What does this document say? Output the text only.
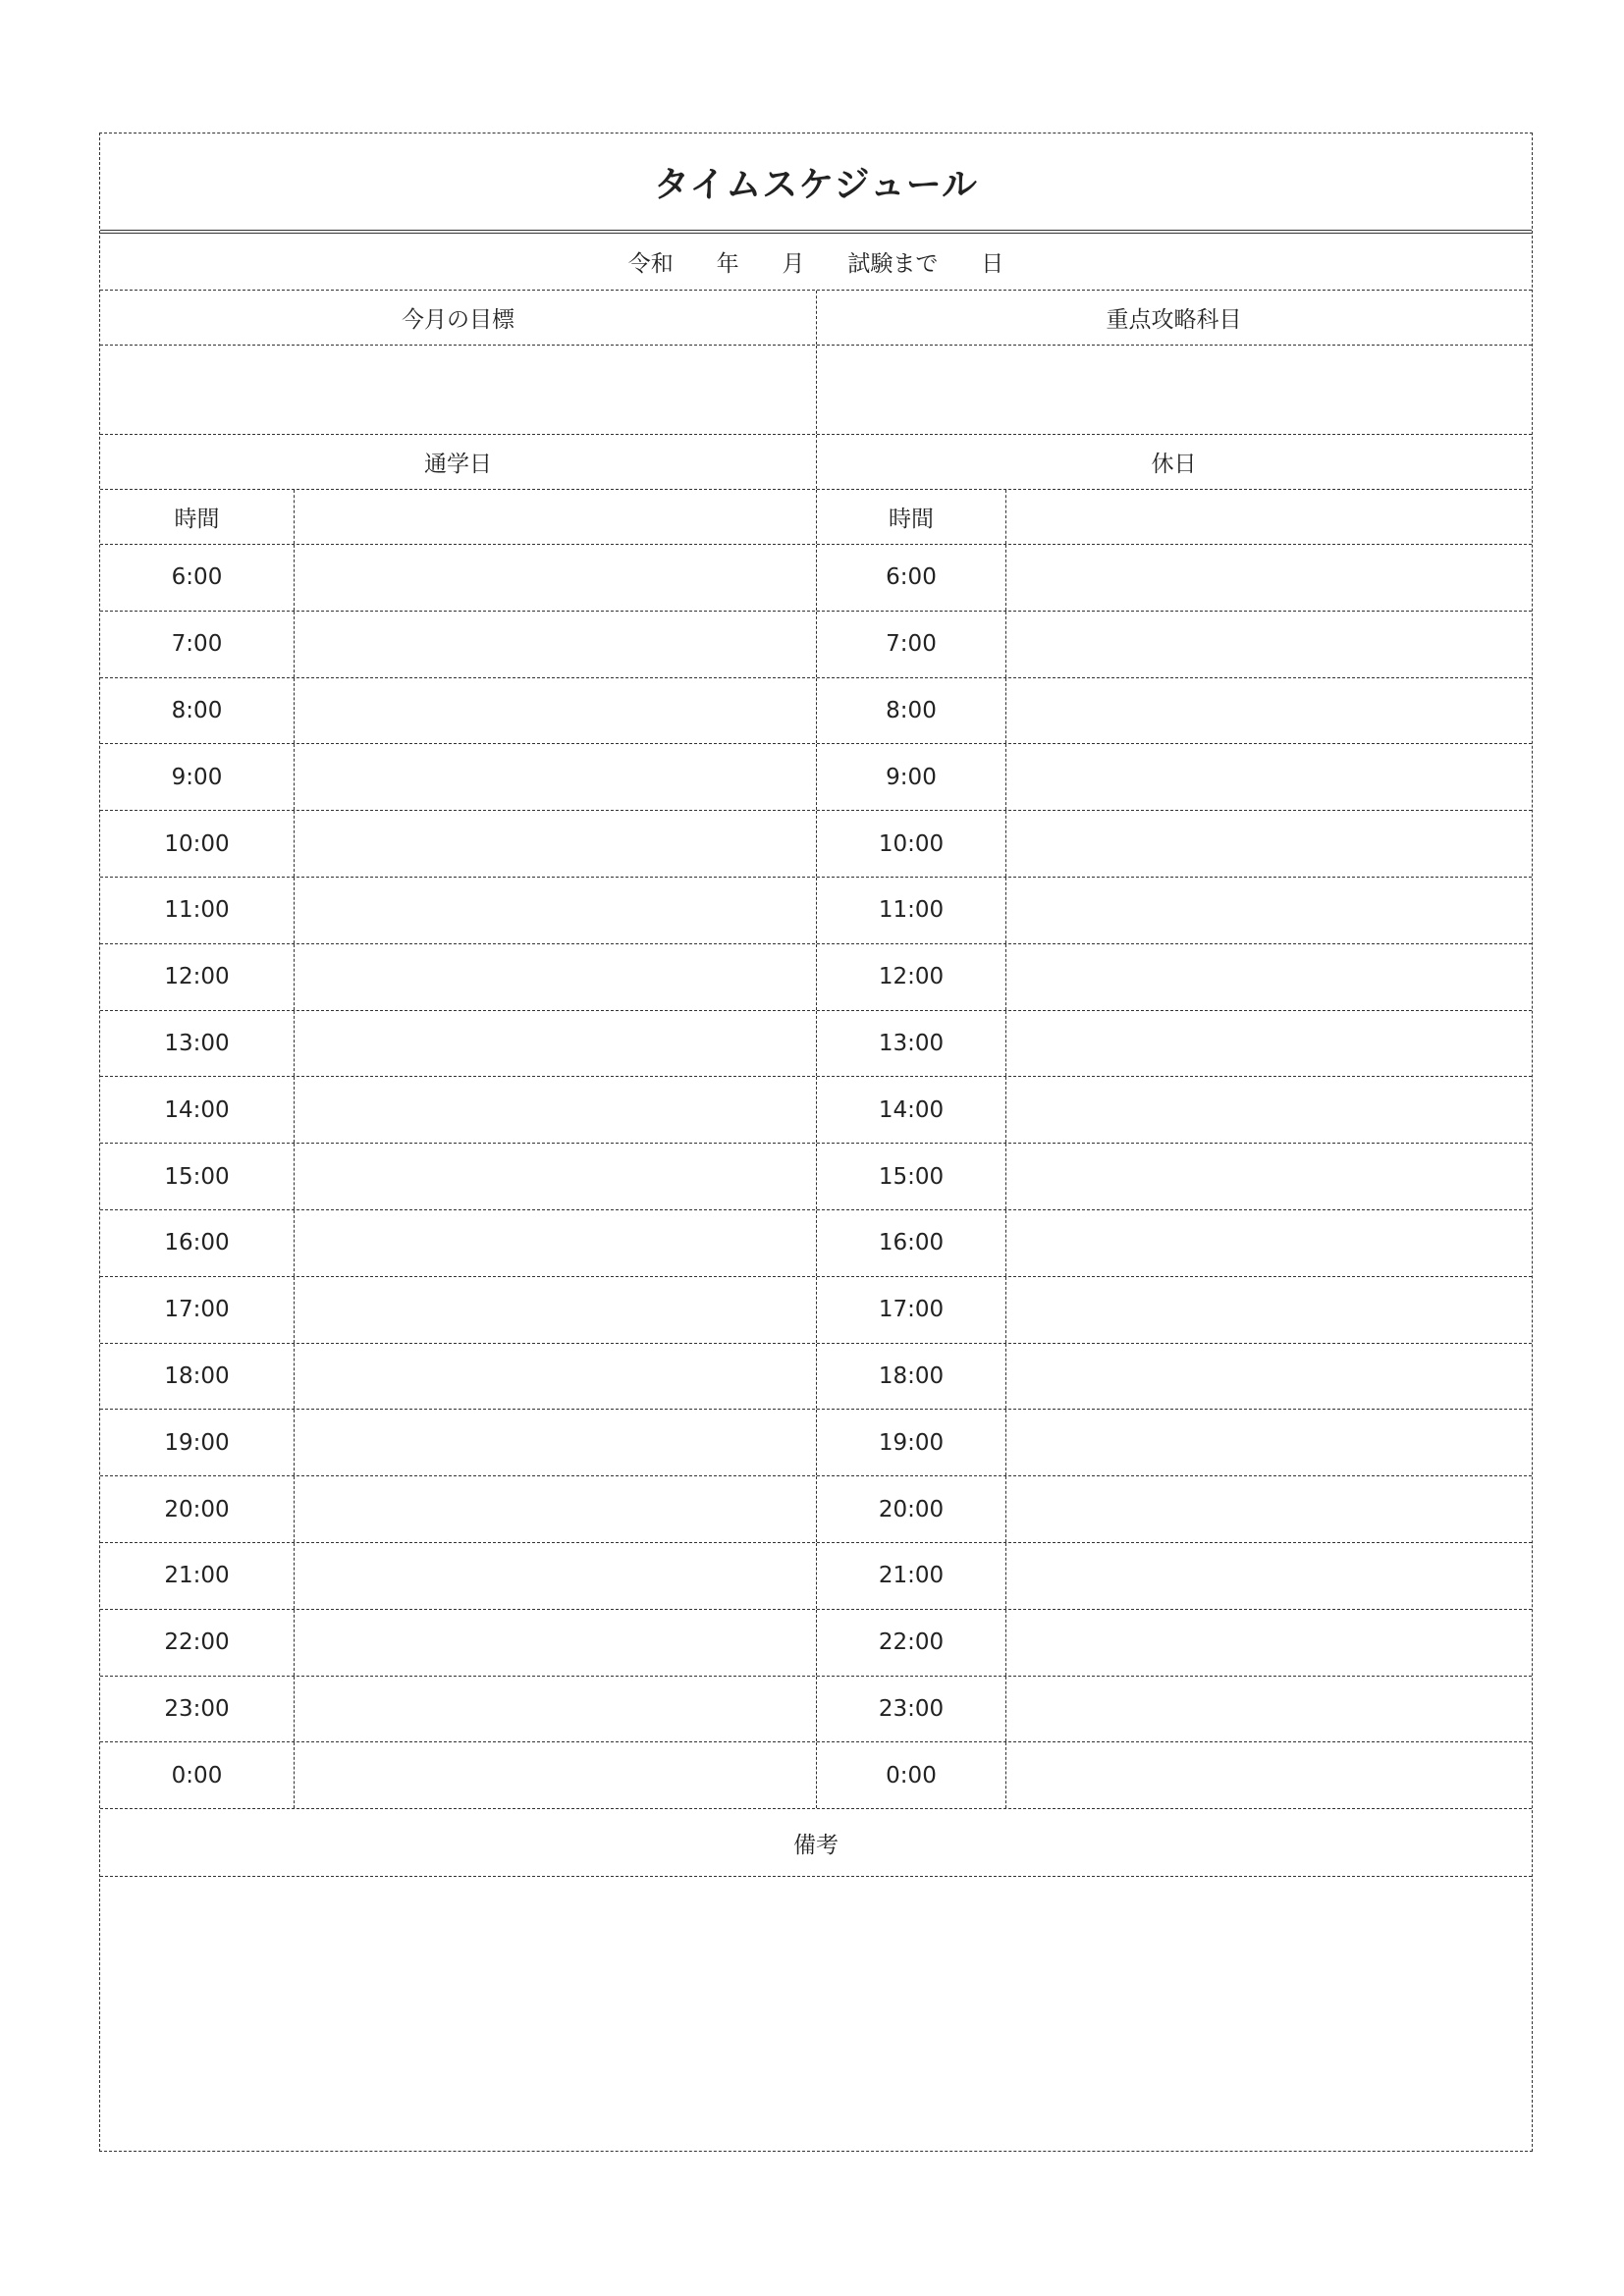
タイムスケジュール
令和
年
月
試験まで
日
今月の目標	重点攻略科目
通学日	休日
時間	時間
6:00	6:00
7:00	7:00
8:00	8:00
9:00	9:00
10:00	10:00
11:00	11:00
12:00	12:00
13:00	13:00
14:00	14:00
15:00	15:00
16:00	16:00
17:00	17:00
18:00	18:00
19:00	19:00
20:00	20:00
21:00	21:00
22:00	22:00
23:00	23:00
0:00	0:00
備考
